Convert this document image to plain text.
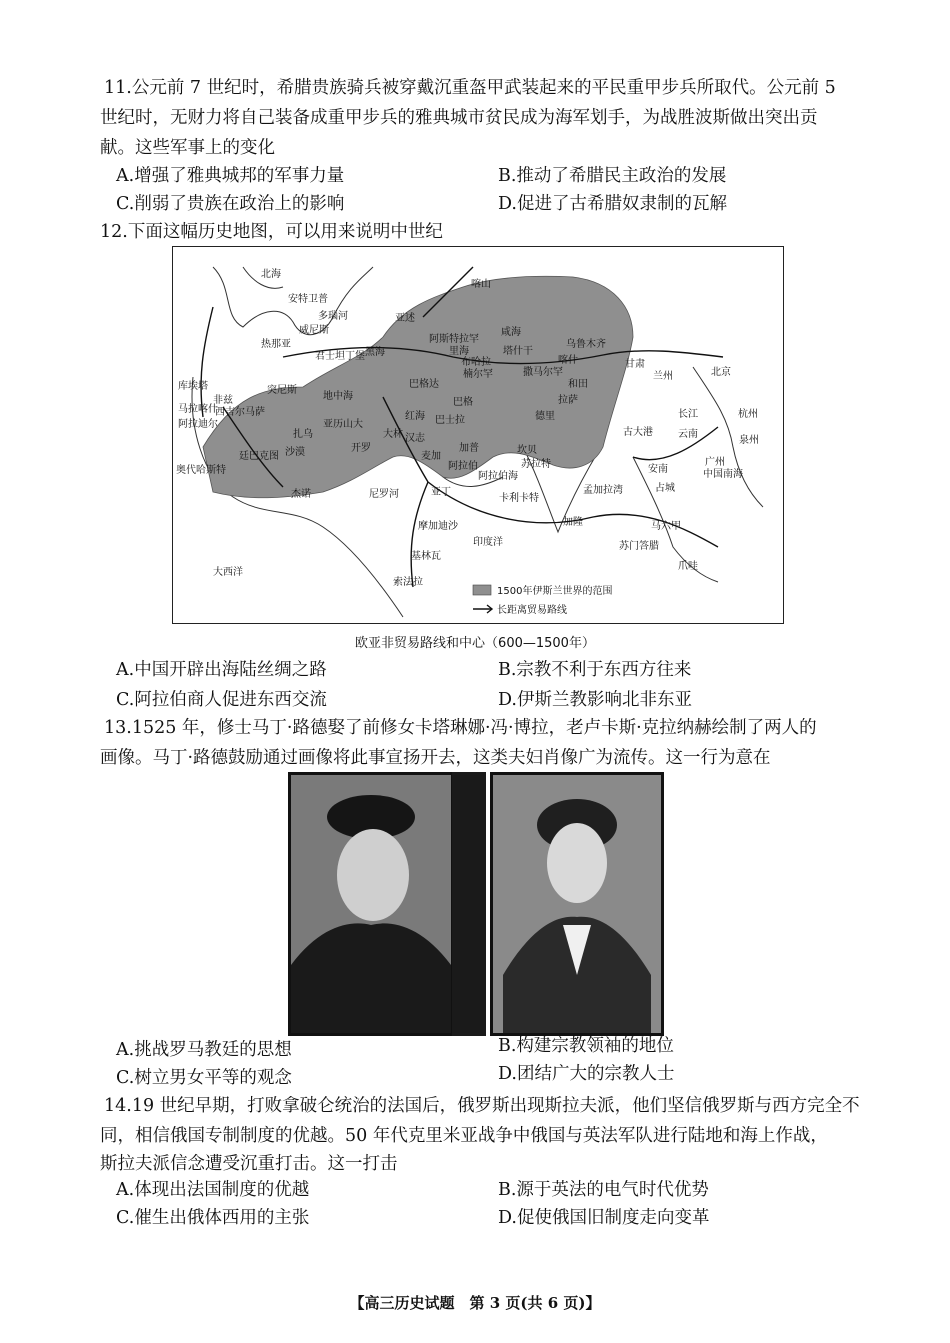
11.公元前 7 世纪时，希腊贵族骑兵被穿戴沉重盔甲武装起来的平民重甲步兵所取代。公元前 5
世纪时，无财力将自己装备成重甲步兵的雅典城市贫民成为海军划手，为战胜波斯做出突出贡
献。这些军事上的变化
A.增强了雅典城邦的军事力量	B.推动了希腊民主政治的发展
C.削弱了贵族在政治上的影响	D.促进了古希腊奴隶制的瓦解
12.下面这幅历史地图，可以用来说明中世纪
北海
安特卫普
多瑙河
威尼斯
热那亚
君士坦丁堡 黑海
亚述
喀山
阿斯特拉罕
里海
咸海
塔什干
乌鲁木齐
甘肃
兰州	北京
库埃塔
非兹
突尼斯
马拉喀什
阿拉迪尔
地中海
西吉尔马萨
亚历山大
巴格达
巴格
布哈拉
楠尔罕	撒马尔罕
喀什
和田
拉萨
德里
古大港
长江	杭州
泉州
广州
云南
中国南海
安南
占城
马六甲
苏门答腊
爪哇
加隆
孟加拉湾
阿拉伯海
卡利卡特
坎贝
苏拉特
红海
亚丁
麦加
开罗
尼罗河
沙漠
廷巴克图
杰诺
奥代哈斯特
扎乌
印度洋
大西洋
摩加迪沙
基林瓦
索法拉
巴士拉
大林 汉志
加普
阿拉伯
1500年伊斯兰世界的范围
长距离贸易路线
欧亚非贸易路线和中心（600—1500年）
A.中国开辟出海陆丝绸之路	B.宗教不利于东西方往来
C.阿拉伯商人促进东西交流	D.伊斯兰教影响北非东亚
13.1525 年，修士马丁·路德娶了前修女卡塔琳娜·冯·博拉，老卢卡斯·克拉纳赫绘制了两人的
画像。马丁·路德鼓励通过画像将此事宣扬开去，这类夫妇肖像广为流传。这一行为意在
A.挑战罗马教廷的思想	B.构建宗教领袖的地位
C.树立男女平等的观念	D.团结广大的宗教人士
14.19 世纪早期，打败拿破仑统治的法国后，俄罗斯出现斯拉夫派，他们坚信俄罗斯与西方完全不
同，相信俄国专制制度的优越。50 年代克里米亚战争中俄国与英法军队进行陆地和海上作战，
斯拉夫派信念遭受沉重打击。这一打击
A.体现出法国制度的优越	B.源于英法的电气时代优势
C.催生出俄体西用的主张	D.促使俄国旧制度走向变革
【高三历史试题　第 3 页(共 6 页)】
